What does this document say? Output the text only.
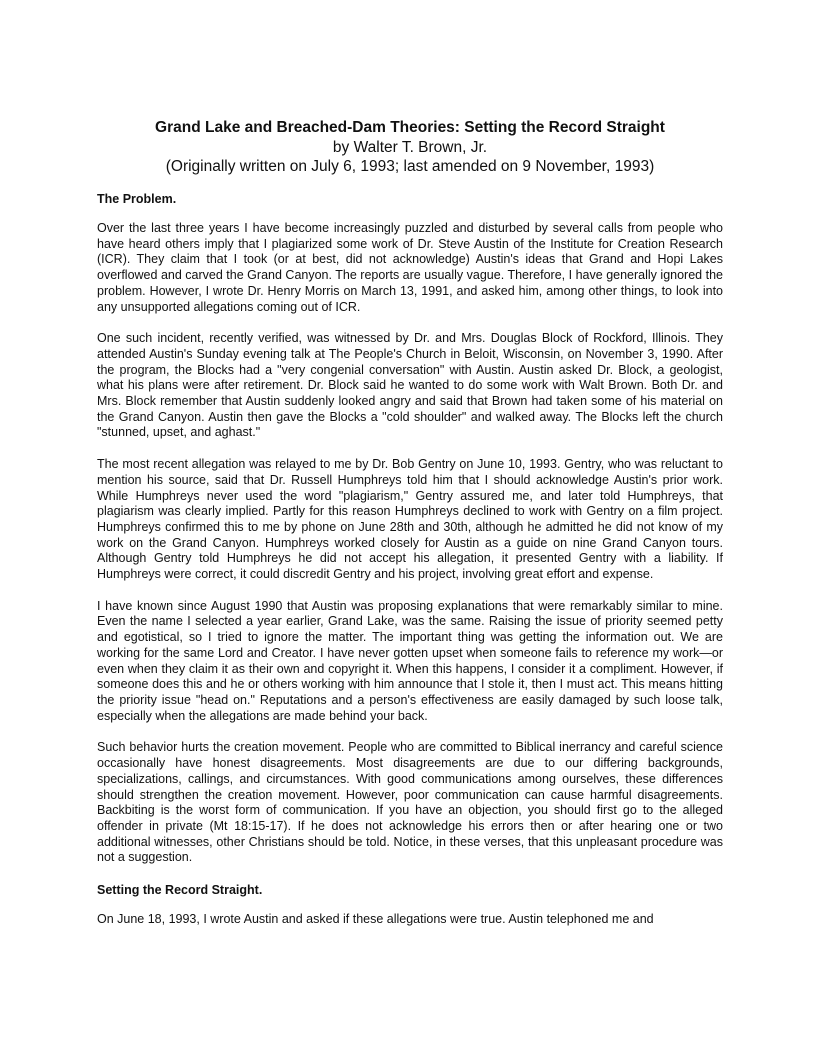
Grand Lake and Breached-Dam Theories: Setting the Record Straight

by Walter T. Brown, Jr.

(Originally written on July 6, 1993; last amended on 9 November, 1993)

The Problem.

Over the last three years I have become increasingly puzzled and disturbed by several calls from people who have heard others imply that I plagiarized some work of Dr. Steve Austin of the Institute for Creation Research (ICR). They claim that I took (or at best, did not acknowledge) Austin's ideas that Grand and Hopi Lakes overflowed and carved the Grand Canyon. The reports are usually vague. Therefore, I have generally ignored the problem. However, I wrote Dr. Henry Morris on March 13, 1991, and asked him, among other things, to look into any unsupported allegations coming out of ICR.

One such incident, recently verified, was witnessed by Dr. and Mrs. Douglas Block of Rockford, Illinois. They attended Austin's Sunday evening talk at The People's Church in Beloit, Wisconsin, on November 3, 1990. After the program, the Blocks had a "very congenial conversation" with Austin. Austin asked Dr. Block, a geologist, what his plans were after retirement. Dr. Block said he wanted to do some work with Walt Brown. Both Dr. and Mrs. Block remember that Austin suddenly looked angry and said that Brown had taken some of his material on the Grand Canyon. Austin then gave the Blocks a "cold shoulder" and walked away. The Blocks left the church "stunned, upset, and aghast."

The most recent allegation was relayed to me by Dr. Bob Gentry on June 10, 1993. Gentry, who was reluctant to mention his source, said that Dr. Russell Humphreys told him that I should acknowledge Austin's prior work. While Humphreys never used the word "plagiarism," Gentry assured me, and later told Humphreys, that plagiarism was clearly implied. Partly for this reason Humphreys declined to work with Gentry on a film project. Humphreys confirmed this to me by phone on June 28th and 30th, although he admitted he did not know of my work on the Grand Canyon. Humphreys worked closely for Austin as a guide on nine Grand Canyon tours. Although Gentry told Humphreys he did not accept his allegation, it presented Gentry with a liability. If Humphreys were correct, it could discredit Gentry and his project, involving great effort and expense.

I have known since August 1990 that Austin was proposing explanations that were remarkably similar to mine. Even the name I selected a year earlier, Grand Lake, was the same. Raising the issue of priority seemed petty and egotistical, so I tried to ignore the matter. The important thing was getting the information out. We are working for the same Lord and Creator. I have never gotten upset when someone fails to reference my work—or even when they claim it as their own and copyright it. When this happens, I consider it a compliment. However, if someone does this and he or others working with him announce that I stole it, then I must act. This means hitting the priority issue "head on." Reputations and a person's effectiveness are easily damaged by such loose talk, especially when the allegations are made behind your back.

Such behavior hurts the creation movement. People who are committed to Biblical inerrancy and careful science occasionally have honest disagreements. Most disagreements are due to our differing backgrounds, specializations, callings, and circumstances. With good communications among ourselves, these differences should strengthen the creation movement. However, poor communication can cause harmful disagreements. Backbiting is the worst form of communication. If you have an objection, you should first go to the alleged offender in private (Mt 18:15-17). If he does not acknowledge his errors then or after hearing one or two additional witnesses, other Christians should be told. Notice, in these verses, that this unpleasant procedure was not a suggestion.

Setting the Record Straight.

On June 18, 1993, I wrote Austin and asked if these allegations were true. Austin telephoned me and
